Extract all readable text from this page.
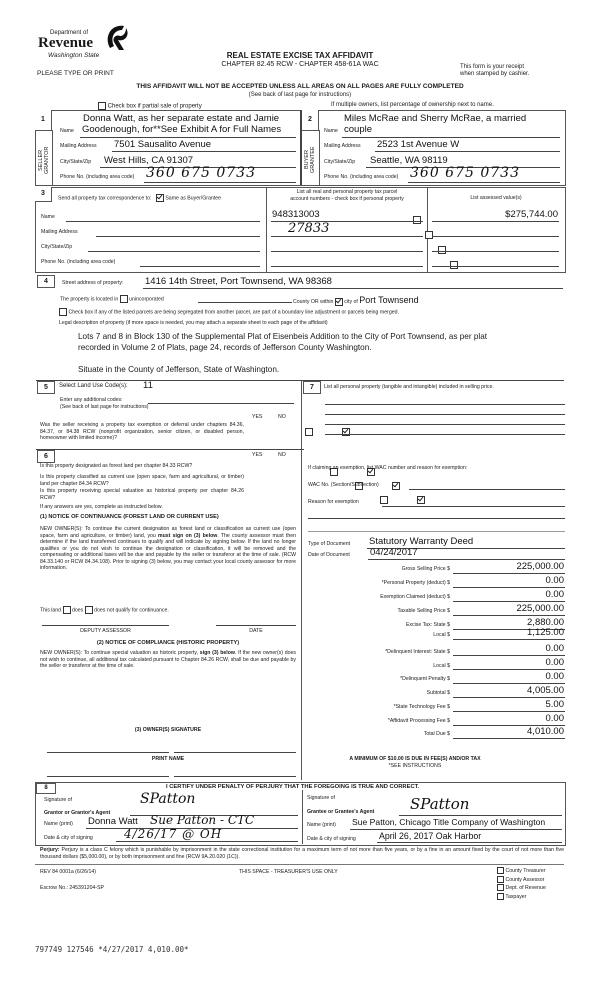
Department of
Revenue
Washington State
PLEASE TYPE OR PRINT
REAL ESTATE EXCISE TAX AFFIDAVIT
CHAPTER 82.45 RCW - CHAPTER 458-61A WAC	This form is your receipt
when stamped by cashier.
THIS AFFIDAVIT WILL NOT BE ACCEPTED UNLESS ALL AREAS ON ALL PAGES ARE FULLY COMPLETED
(See back of last page for instructions)
Check box if partial sale of property	If multiple owners, list percentage of ownership next to name.
1
SELLER GRANTOR
Donna Watt, as her separate estate and Jamie
Name Goodenough, for**See Exhibit A for Full Names
Mailing Address 7501 Sausalito Avenue
City/State/Zip West Hills, CA 91307
Phone No. (including area code) 360 675 0733
2
BUYER GRANTEE
Miles McRae and Sherry McRae, a married
Name couple
Mailing Address 2523 1st Avenue W
City/State/Zip Seattle, WA 98119
Phone No. (including area code) 360 675 0733
3
Send all property tax correspondence to:	Same as Buyer/Grantee
Name
Mailing Address
City/State/Zip
Phone No. (including area code)
List all real and personal property tax parcel
account numbers - check box if personal property	List assessed value(s)
948313003
	$275,744.00
27833

4	Street address of property: 1416 14th Street, Port Townsend, WA 98368
The property is located in unincorporated	County OR within city of Port Townsend
Check box if any of the listed parcels are being segregated from another parcel, are part of a boundary line adjustment or parcels being merged.
Legal description of property (if more space is needed, you may attach a separate sheet to each page of the affidavit)
Lots 7 and 8 in Block 130 of the Supplemental Plat of Eisenbeis Addition to the City of Port Townsend, as per plat
recorded in Volume 2 of Plats, page 24, records of Jefferson County Washington.
Situate in the County of Jefferson, State of Washington.
5	Select Land Use Code(s): 11
Enter any additional codes:
(See back of last page for instructions)
YES	NO
Was the seller receiving a property tax exemption or deferral under chapters 84.36, 84.37, or 84.38 RCW (nonprofit organization, senior citizen, or disabled person, homeowner with limited income)?

6	YES	NO
Is this property designated as forest land per chapter 84.33 RCW?

Is this property classified as current use (open space, farm and agricultural, or timber) land per chapter 84.34 RCW?

Is this property receiving special valuation as historical property per chapter 84.26 RCW?

If any answers are yes, complete as instructed below.
(1) NOTICE OF CONTINUANCE (FOREST LAND OR CURRENT USE)
NEW OWNER(S): To continue the current designation as forest land or classification as current use (open space, farm and agriculture, or timber) land, you must sign on (3) below. The county assessor must then determine if the land transferred continues to qualify and will indicate by signing below. If the land no longer qualifies or you do not wish to continue the designation or classification, it will be removed and the compensating or additional taxes will be due and payable by the seller or transferor at the time of sale. (RCW 84.33.140 or RCW 84.34.108). Prior to signing (3) below, you may contact your local county assessor for more information.
This land does does not qualify for continuance.
DEPUTY ASSESSOR	DATE
(2) NOTICE OF COMPLIANCE (HISTORIC PROPERTY)
NEW OWNER(S): To continue special valuation as historic property, sign (3) below. If the new owner(s) does not wish to continue, all additional tax calculated pursuant to Chapter 84.26 RCW, shall be due and payable by the seller or transferor at the time of sale.
(3) OWNER(S) SIGNATURE
PRINT NAME
7	List all personal property (tangible and intangible) included in selling price.
If claiming an exemption, list WAC number and reason for exemption:
WAC No. (Section/Subsection)
Reason for exemption
Type of Document Statutory Warranty Deed
Date of Document 04/24/2017
Gross Selling Price $	225,000.00
*Personal Property (deduct) $	0.00
Exemption Claimed (deduct) $	0.00
Taxable Selling Price $	225,000.00
Excise Tax: State $	2,880.00
Local $	1,125.00
*Delinquent Interest: State $	0.00
Local $	0.00
*Delinquent Penalty $	0.00
Subtotal $	4,005.00
*State Technology Fee $	5.00
*Affidavit Processing Fee $	0.00
Total Due $	4,010.00
A MINIMUM OF $10.00 IS DUE IN FEE(S) AND/OR TAX
*SEE INSTRUCTIONS
8	I CERTIFY UNDER PENALTY OF PERJURY THAT THE FOREGOING IS TRUE AND CORRECT.
Signature of
Grantor or Grantor's Agent
SPatton
Name (print) Donna Watt Sue Patton - CTC
Date & city of signing	4/26/17 @ OH
Signature of
Grantee or Grantee's Agent SPatton
Name (print) Sue Patton, Chicago Title Company of Washington
Date & city of signing	April 26, 2017 Oak Harbor
Perjury: Perjury is a class C felony which is punishable by imprisonment in the state correctional institution for a maximum term of not more than five years, or by a fine in an amount fixed by the court of not more than five thousand dollars ($5,000.00), or by both imprisonment and fine (RCW 9A.20.020 (1C)).
REV 84 0001a (6/26/14)	THIS SPACE - TREASURER'S USE ONLY
Escrow No.: 245391204-SP
County Treasurer
County Assessor
Dept. of Revenue
Taxpayer
797749 127546 *4/27/2017 4,010.00*
